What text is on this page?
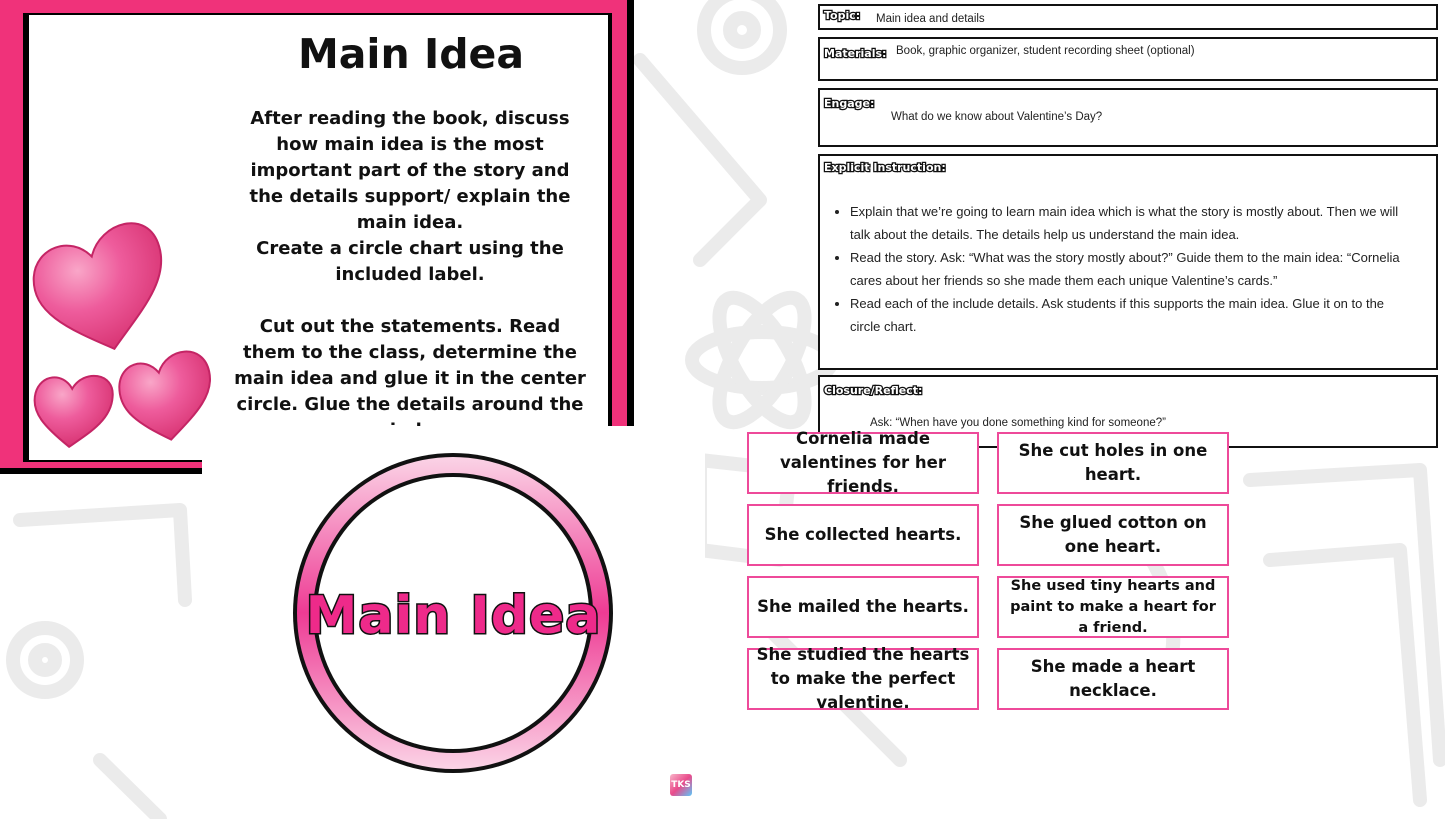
Main Idea
After reading the book, discuss how main idea is the most important part of the story and the details support/ explain the main idea.
Create a circle chart using the included label.
Cut out the statements. Read them to the class, determine the main idea and glue it in the center circle. Glue the details around the
Main Idea
TKS
Topic: Main idea and details
Materials: Book, graphic organizer, student recording sheet (optional)
Engage:
What do we know about Valentine’s Day?
Explicit Instruction:
• Explain that we’re going to learn main idea which is what the story is mostly about. Then we will talk about the details. The details help us understand the main idea.
• Read the story. Ask: “What was the story mostly about?” Guide them to the main idea: “Cornelia cares about her friends so she made them each unique Valentine’s cards.”
• Read each of the include details. Ask students if this supports the main idea. Glue it on to the circle chart.
Closure/Reflect:
Ask: “When have you done something kind for someone?”
Cornelia made valentines for her friends.
She cut holes in one heart.
She collected hearts.
She glued cotton on one heart.
She mailed the hearts.
She used tiny hearts and paint to make a heart for a friend.
She studied the hearts to make the perfect valentine.
She made a heart necklace.
